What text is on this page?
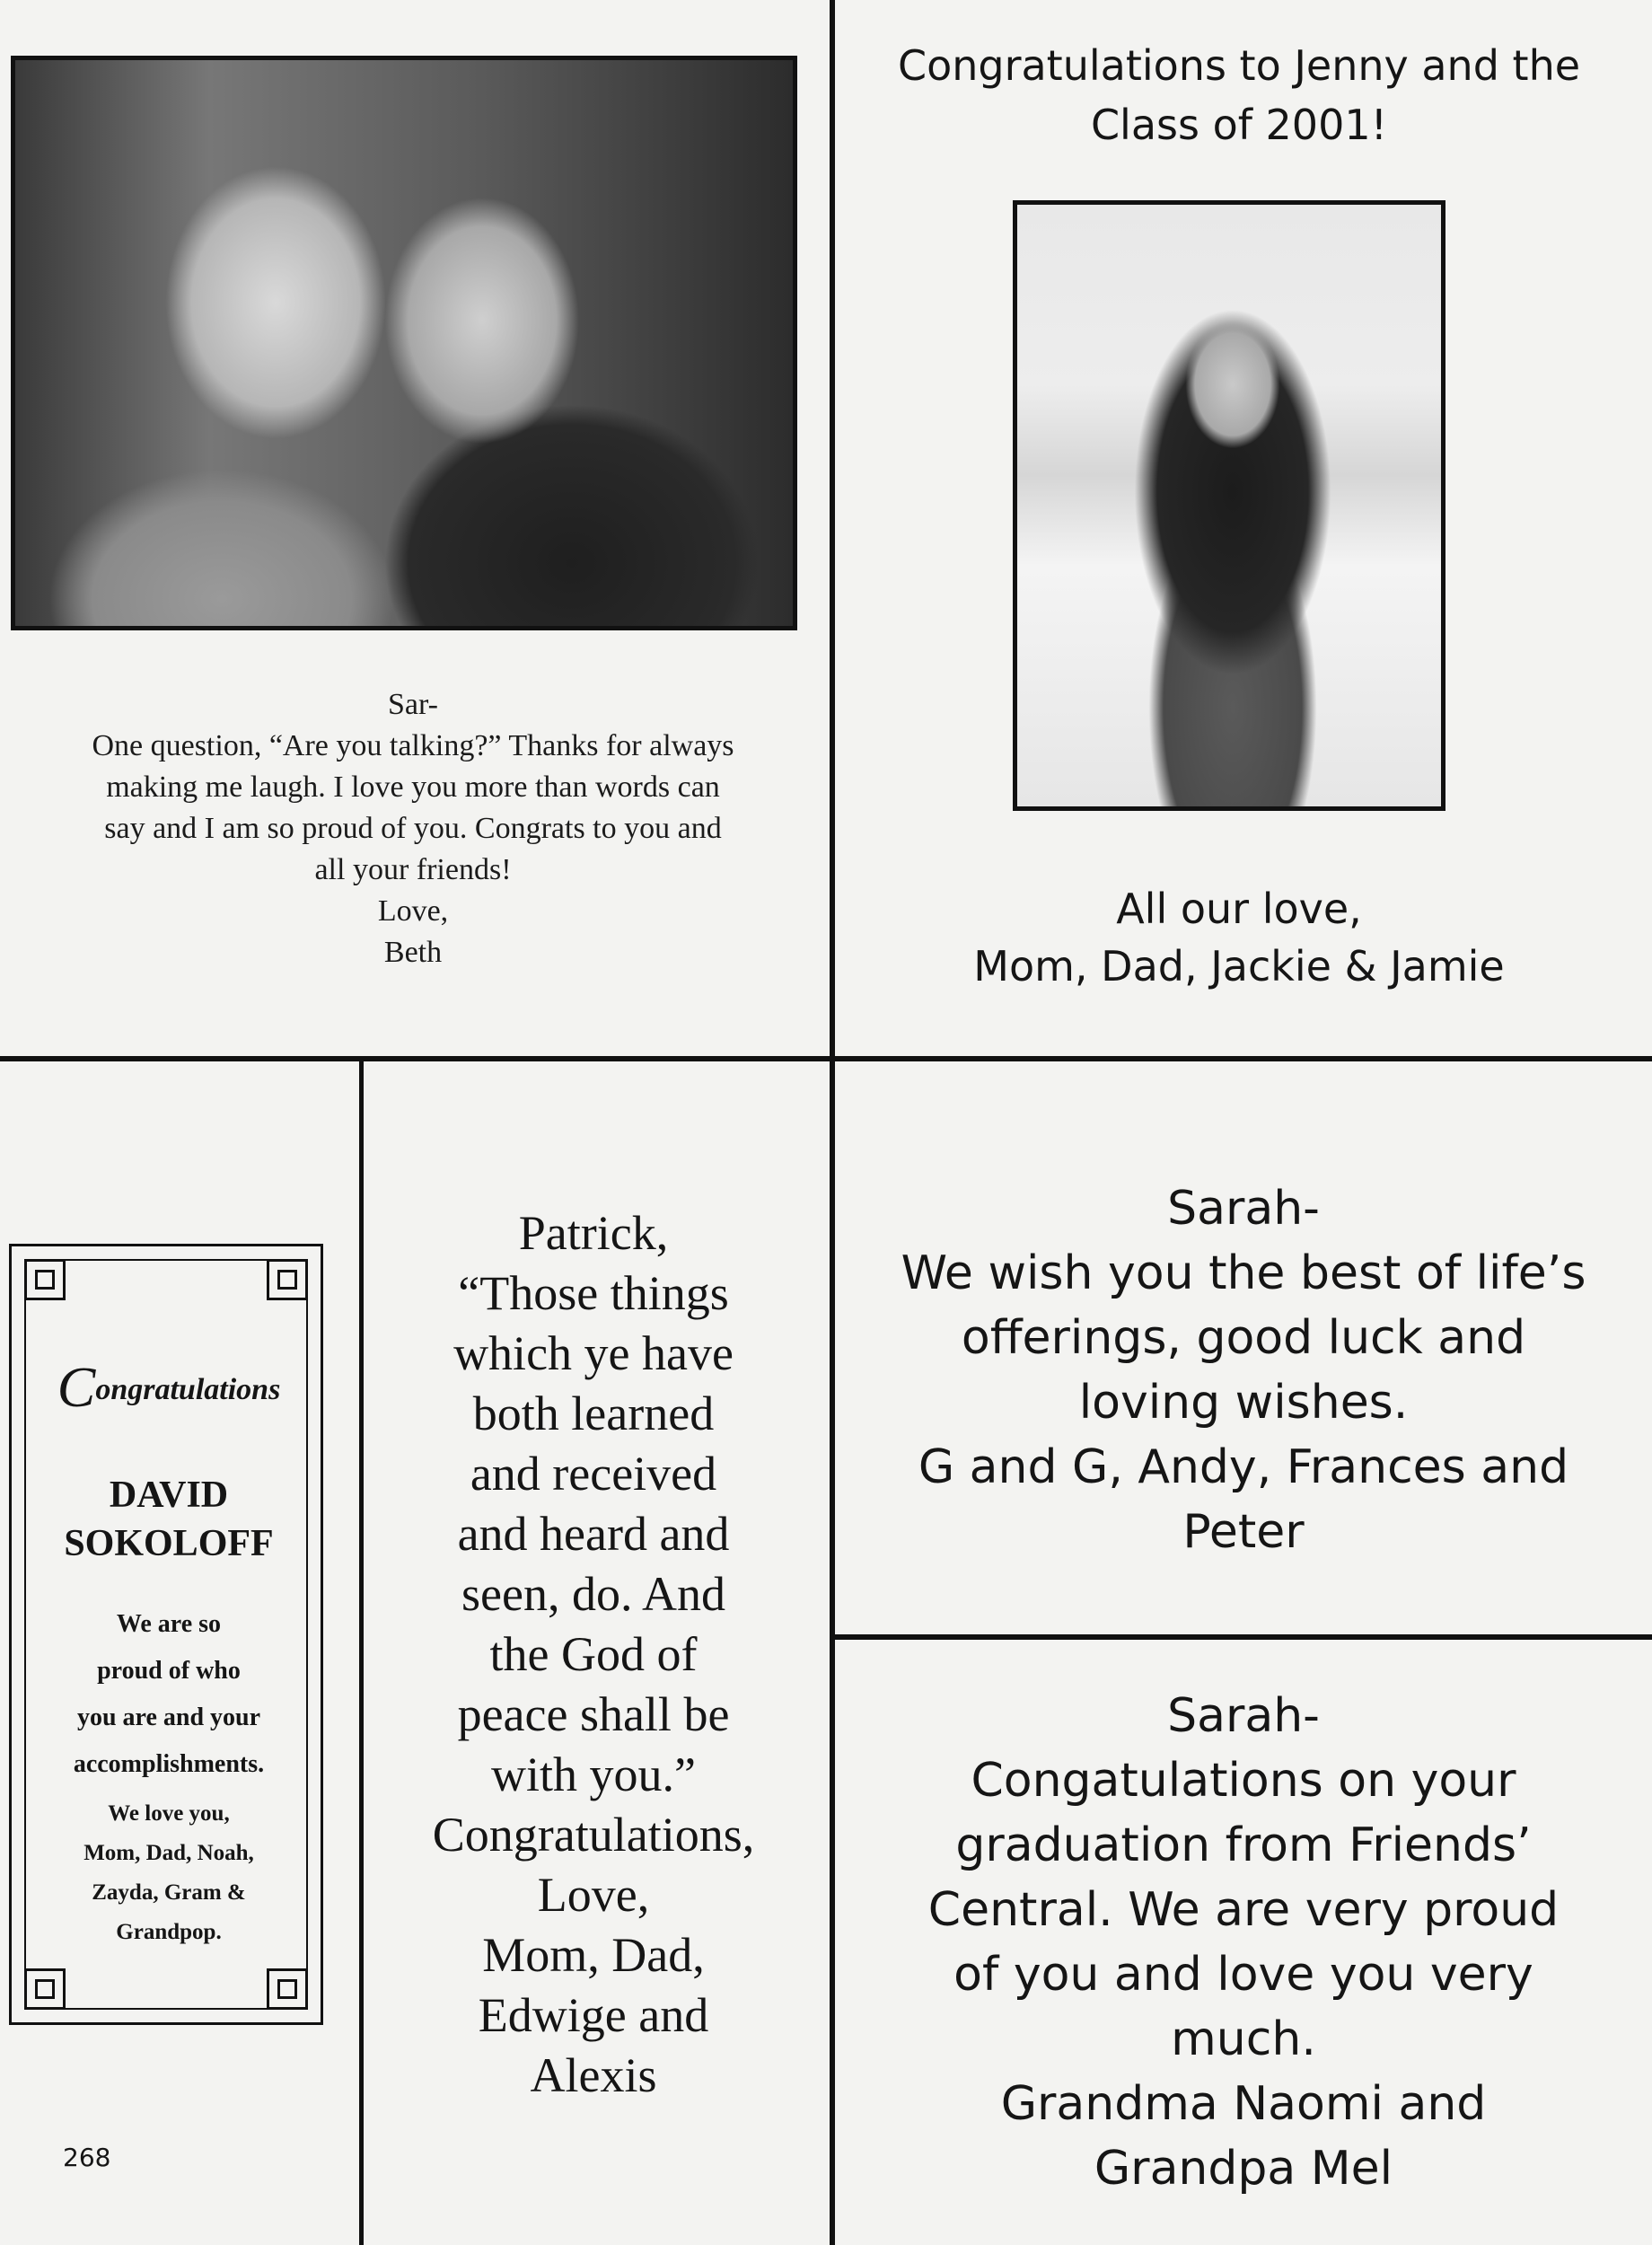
Sar-
One question, “Are you talking?” Thanks for always
making me laugh. I love you more than words can
say and I am so proud of you. Congrats to you and
all your friends!
Love,
Beth
Congratulations to Jenny and the
Class of 2001!
All our love,
Mom, Dad, Jackie & Jamie
Congratulations
DAVID
SOKOLOFF
We are so
proud of who
you are and your
accomplishments.
We love you,
Mom, Dad, Noah,
Zayda, Gram &
Grandpop.
268
Patrick,
“Those things
which ye have
both learned
and received
and heard and
seen, do. And
the God of
peace shall be
with you.”
Congratulations,
Love,
Mom, Dad,
Edwige and
Alexis
Sarah-
We wish you the best of life’s
offerings, good luck and
loving wishes.
G and G, Andy, Frances and
Peter
Sarah-
Congatulations on your
graduation from Friends’
Central. We are very proud
of you and love you very
much.
Grandma Naomi and
Grandpa Mel
